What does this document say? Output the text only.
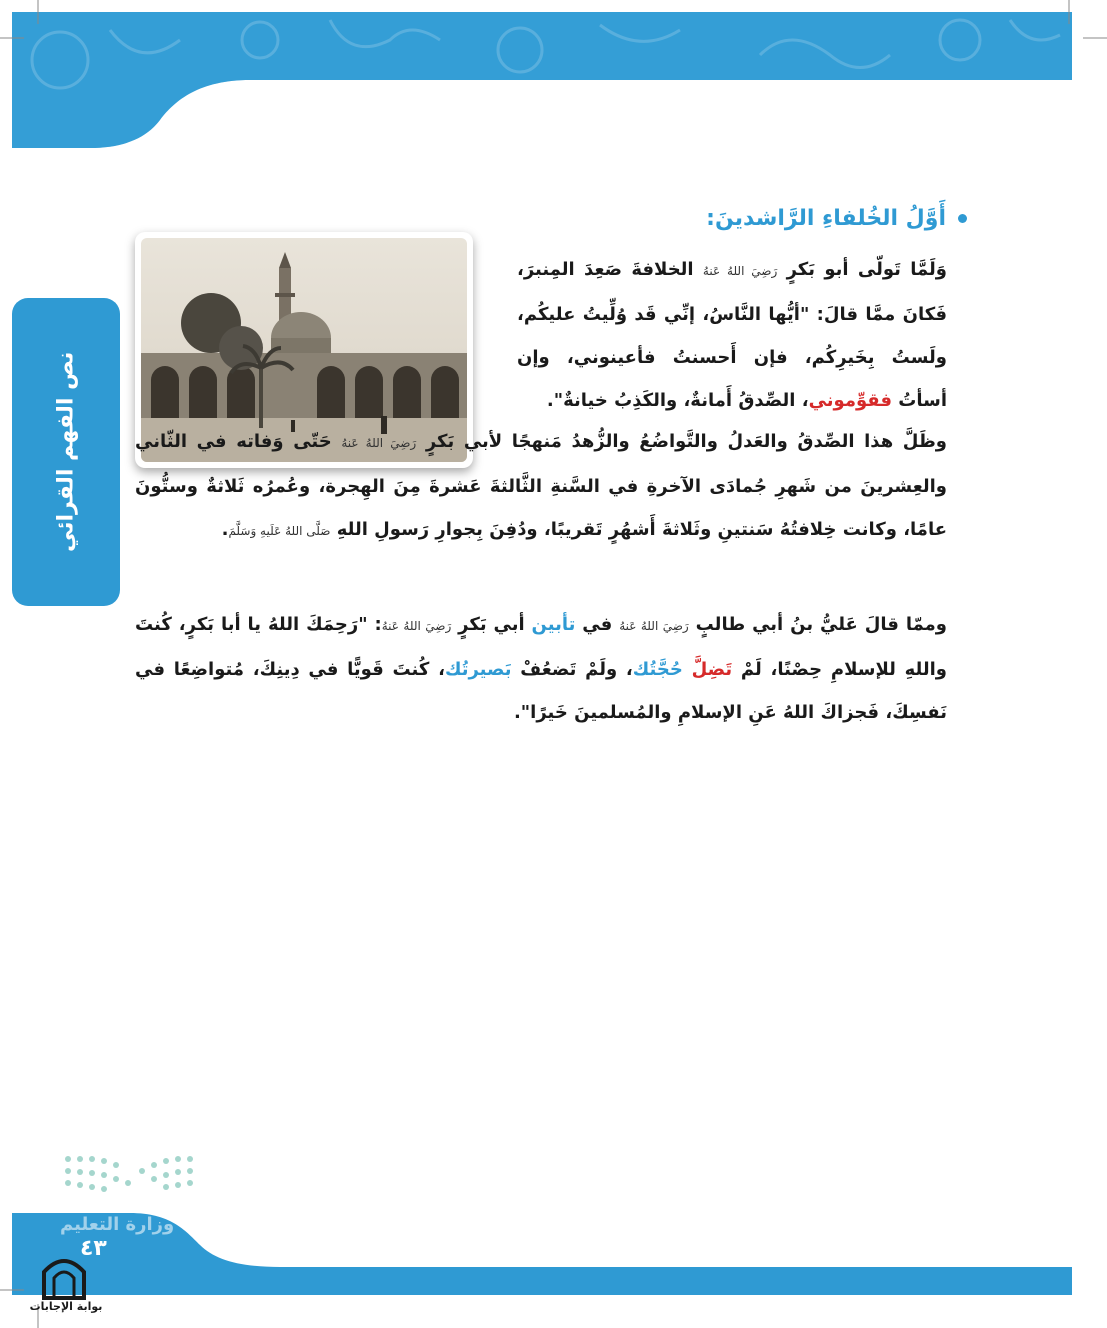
نص الفهم القرائي
أَوَّلُ الخُلفاءِ الرَّاشدينَ:

وَلَمَّا تَولّى أبو بَكرٍ رَضِيَ اللهُ عَنهُ الخلافةَ صَعِدَ المِنبرَ، فَكانَ ممَّا قالَ: "أيُّها النَّاسُ، إنِّي قَد وُلِّيتُ عليكُم، ولَستُ بِخَيرِكُم، فإن أَحسنتُ فأعينوني، وإن أسأتُ فقوِّموني، الصِّدقُ أَمانةٌ، والكَذِبُ خيانةٌ".

وظَلَّ هذا الصِّدقُ والعَدلُ والتَّواضُعُ والزُّهدُ مَنهجًا لأبي بَكرٍ رَضِيَ اللهُ عَنهُ حَتّى وَفاته في الثّاني والعِشرينَ من شَهرِ جُمادَى الآخرةِ في السَّنةِ الثَّالثةَ عَشرةَ مِنَ الهِجرة، وعُمرُه ثَلاثةٌ وستُّونَ عامًا، وكانت خِلافتُهُ سَنتينِ وثَلاثةَ أَشهُرٍ تَقريبًا، ودُفِنَ بِجوارِ رَسولِ اللهِ صَلَّى اللهُ عَلَيهِ وَسَلَّمَ.

وممّا قالَ عَليُّ بنُ أبي طالبٍ رَضِيَ اللهُ عَنهُ في تأبين أبي بَكرٍ رَضِيَ اللهُ عَنهُ: "رَحِمَكَ اللهُ يا أبا بَكرٍ، كُنتَ واللهِ للإسلامِ حِصْنًا، لَمْ تَضِلَّ حُجَّتُك، ولَمْ تَضعُفْ بَصيرتُك، كُنتَ قَويًّا في دِينِكَ، مُتواضِعًا في نَفسِكَ، فَجزاكَ اللهُ عَنِ الإسلامِ والمُسلمينَ خَيرًا".

وزارة التعليم
٤٣
بوابة الإجابات
